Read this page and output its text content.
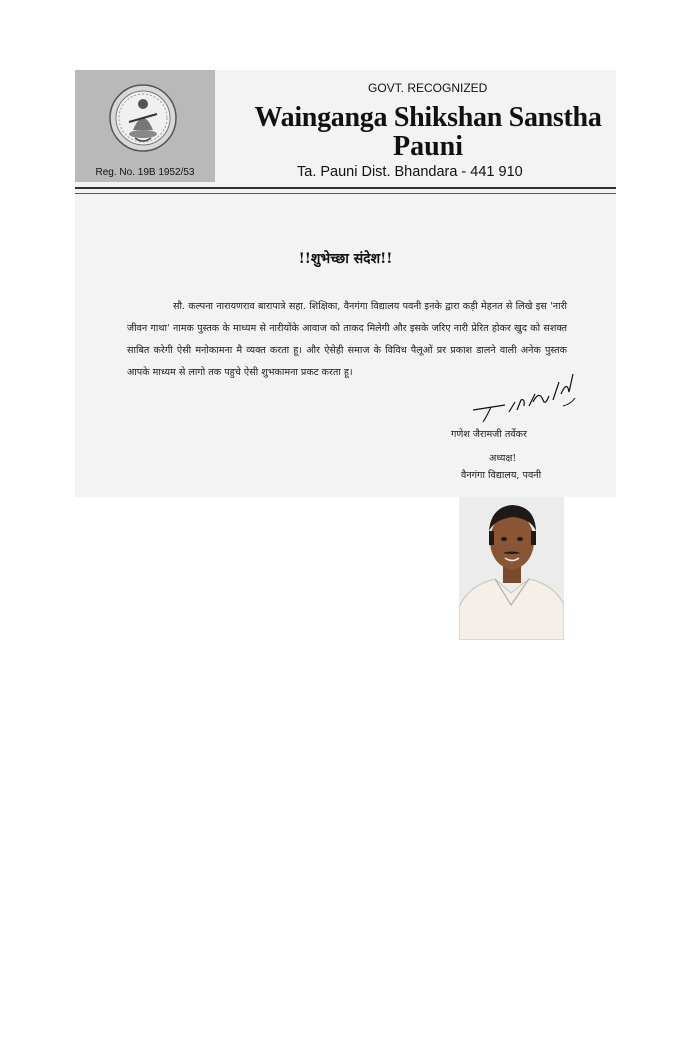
Reg. No. 19B 1952/53
GOVT. RECOGNIZED
Wainganga Shikshan Sanstha
Pauni
Ta. Pauni Dist. Bhandara - 441 910
!!शुभेच्छा संदेश!!
सौ. कल्पना नारायणराव बारापात्रे सहा. शिक्षिका, वैनगंगा विद्यालय पवनी इनके द्वारा कड़ी मेहनत से लिखे इस 'नारी जीवन गाथा' नामक पुस्तक के माध्यम से नारीयोंके आवाज को ताकद मिलेगी और इसके जरिए नारी प्रेरित होकर खुद को सशक्त साबित करेगी ऐसी मनोकामना मै व्यक्त करता हू। और ऐसेही समाज के विविध पैलूओं प्रर प्रकाश डालने वाली अनेक पुस्तक आपके माध्यम से लागो तक पहुचे ऐसी शुभकामना प्रकट करता हू।
गणेश जैरामजी तर्वेकर
अध्यक्ष!
वैनगंगा विद्यालय, पवनी
